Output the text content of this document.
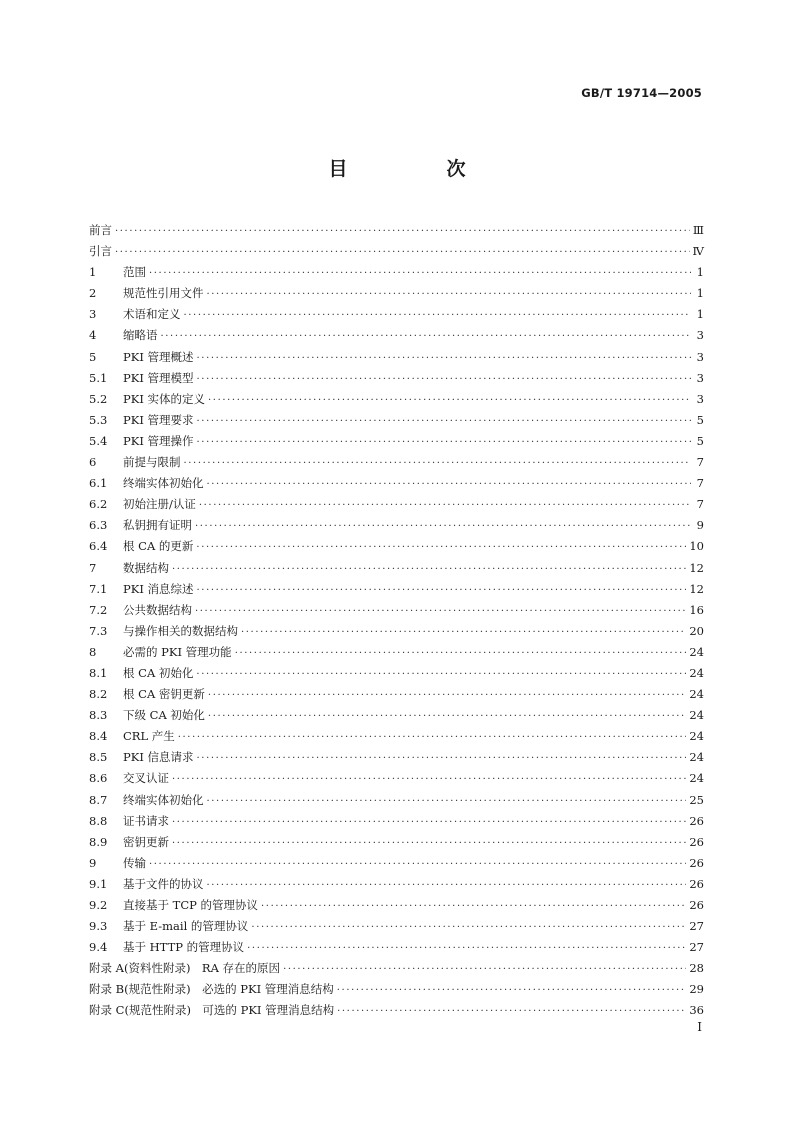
GB/T 19714—2005
目　次
前言 ·····	Ⅲ
引言 ·····	Ⅳ
1	范围 ·····	1
2	规范性引用文件 ·····	1
3	术语和定义 ·····	1
4	缩略语 ·····	3
5	PKI 管理概述 ·····	3
5.1	PKI 管理模型 ·····	3
5.2	PKI 实体的定义 ·····	3
5.3	PKI 管理要求 ·····	5
5.4	PKI 管理操作 ·····	5
6	前提与限制 ·····	7
6.1	终端实体初始化 ·····	7
6.2	初始注册/认证 ·····	7
6.3	私钥拥有证明 ·····	9
6.4	根 CA 的更新 ·····	10
7	数据结构 ·····	12
7.1	PKI 消息综述 ·····	12
7.2	公共数据结构 ·····	16
7.3	与操作相关的数据结构 ·····	20
8	必需的 PKI 管理功能 ·····	24
8.1	根 CA 初始化 ·····	24
8.2	根 CA 密钥更新 ·····	24
8.3	下级 CA 初始化 ·····	24
8.4	CRL 产生 ·····	24
8.5	PKI 信息请求 ·····	24
8.6	交叉认证 ·····	24
8.7	终端实体初始化 ·····	25
8.8	证书请求 ·····	26
8.9	密钥更新 ·····	26
9	传输 ·····	26
9.1	基于文件的协议 ·····	26
9.2	直接基于 TCP 的管理协议 ·····	26
9.3	基于 E-mail 的管理协议 ·····	27
9.4	基于 HTTP 的管理协议 ·····	27
附录 A(资料性附录)　RA 存在的原因 ·····	28
附录 B(规范性附录)　必选的 PKI 管理消息结构 ·····	29
附录 C(规范性附录)　可选的 PKI 管理消息结构 ·····	36
I
